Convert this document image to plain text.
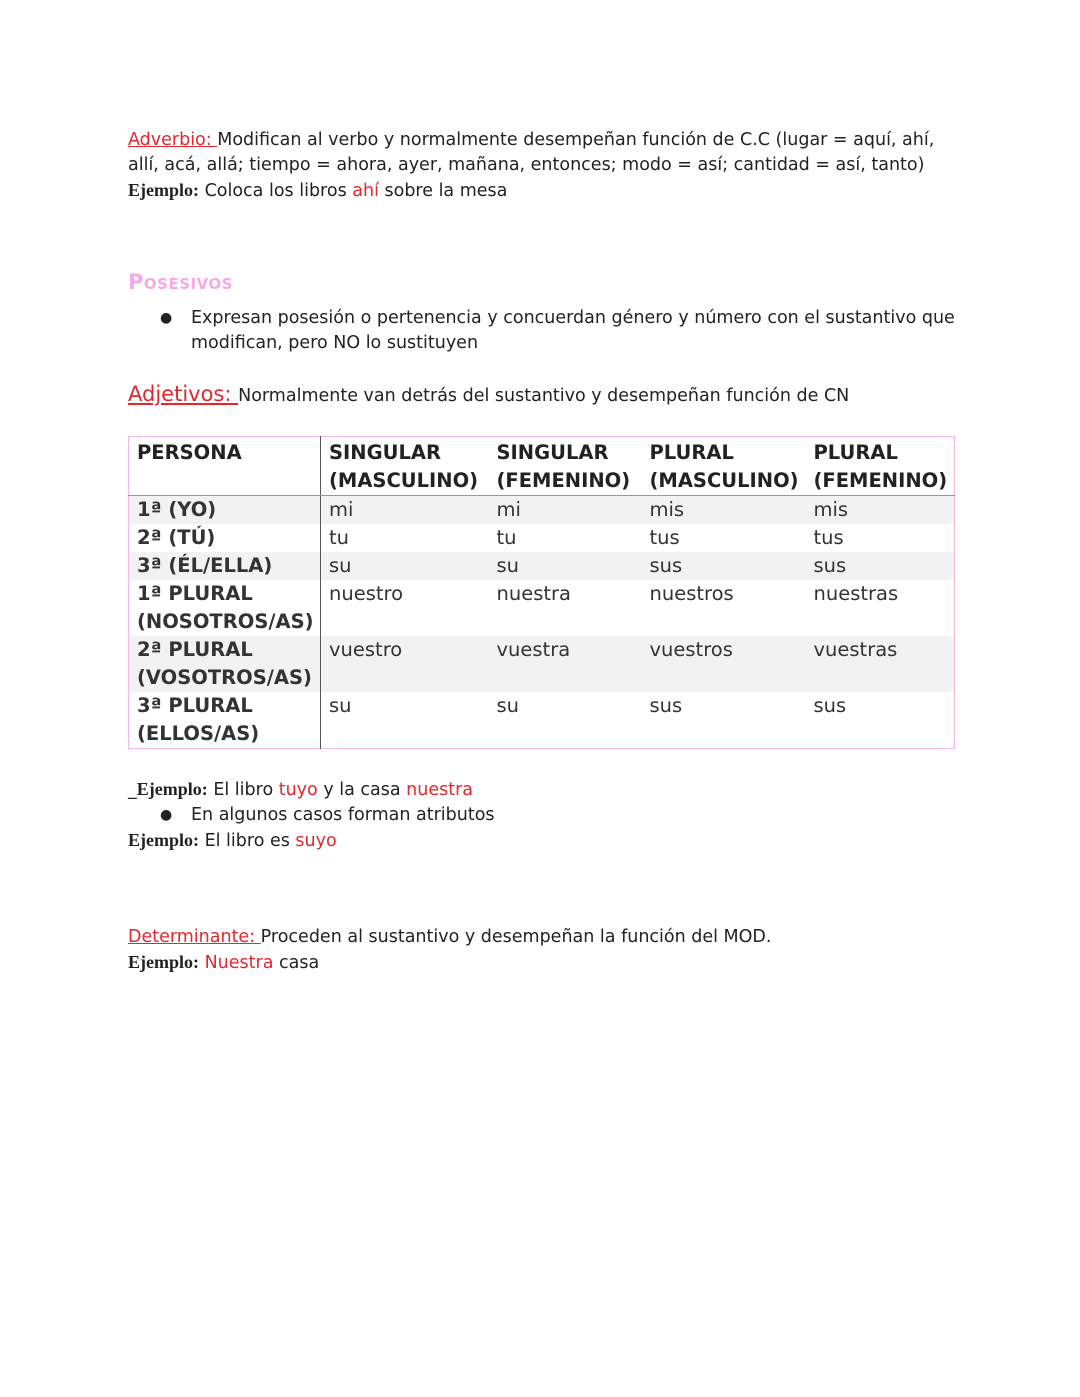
Adverbio: Modifican al verbo y normalmente desempeñan función de C.C (lugar = aquí, ahí, allí, acá, allá; tiempo = ahora, ayer, mañana, entonces; modo = así; cantidad = así, tanto)

Ejemplo: Coloca los libros ahí sobre la mesa

Posesivos
●	Expresan posesión o pertenencia y concuerdan género y número con el sustantivo que modifican, pero NO lo sustituyen
Adjetivos: Normalmente van detrás del sustantivo y desempeñan función de CN
PERSONA	SINGULAR (MASCULINO)	SINGULAR (FEMENINO)	PLURAL (MASCULINO)	PLURAL (FEMENINO)
1ª (YO)	mi	mi	mis	mis
2ª (TÚ)	tu	tu	tus	tus
3ª (ÉL/ELLA)	su	su	sus	sus
1ª PLURAL (NOSOTROS/AS)	nuestro	nuestra	nuestros	nuestras
2ª PLURAL (VOSOTROS/AS)	vuestro	vuestra	vuestros	vuestras
3ª PLURAL (ELLOS/AS)	su	su	sus	sus

_Ejemplo: El libro tuyo y la casa nuestra

●	En algunos casos forman atributos

Ejemplo: El libro es suyo

Determinante: Proceden al sustantivo y desempeñan la función del MOD.

Ejemplo: Nuestra casa
